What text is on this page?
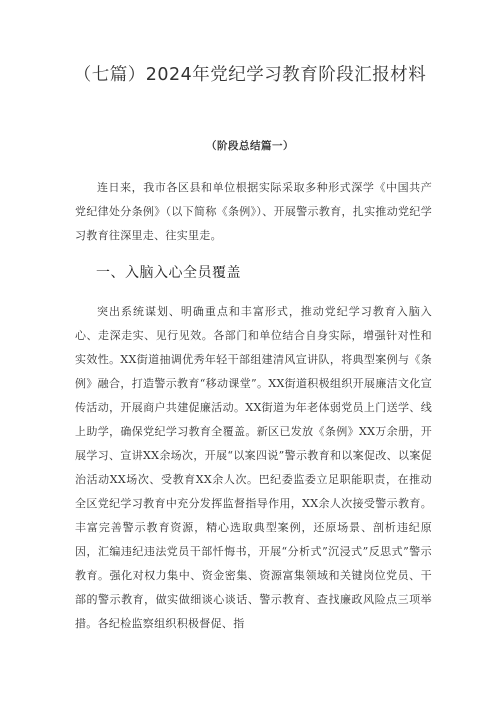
（七篇）2024年党纪学习教育阶段汇报材料
（阶段总结篇一）
连日来，我市各区县和单位根据实际采取多种形式深学《中国共产党纪律处分条例》（以下简称《条例》）、开展警示教育，扎实推动党纪学习教育往深里走、往实里走。
一、入脑入心全员覆盖
突出系统谋划、明确重点和丰富形式，推动党纪学习教育入脑入心、走深走实、见行见效。各部门和单位结合自身实际，增强针对性和实效性。XX街道抽调优秀年轻干部组建清风宣讲队，将典型案例与《条例》融合，打造警示教育“移动课堂”。XX街道积极组织开展廉洁文化宣传活动，开展商户共建促廉活动。XX街道为年老体弱党员上门送学、线上助学，确保党纪学习教育全覆盖。新区已发放《条例》XX万余册，开展学习、宣讲XX余场次，开展“以案四说”警示教育和以案促改、以案促治活动XX场次、受教育XX余人次。巴纪委监委立足职能职责，在推动全区党纪学习教育中充分发挥监督指导作用，XX余人次接受警示教育。丰富完善警示教育资源，精心选取典型案例，还原场景、剖析违纪原因，汇编违纪违法党员干部忏悔书，开展“分析式”沉浸式”反思式”警示教育。强化对权力集中、资金密集、资源富集领域和关键岗位党员、干部的警示教育，做实做细谈心谈话、警示教育、查找廉政风险点三项举措。各纪检监察组织积极督促、指
